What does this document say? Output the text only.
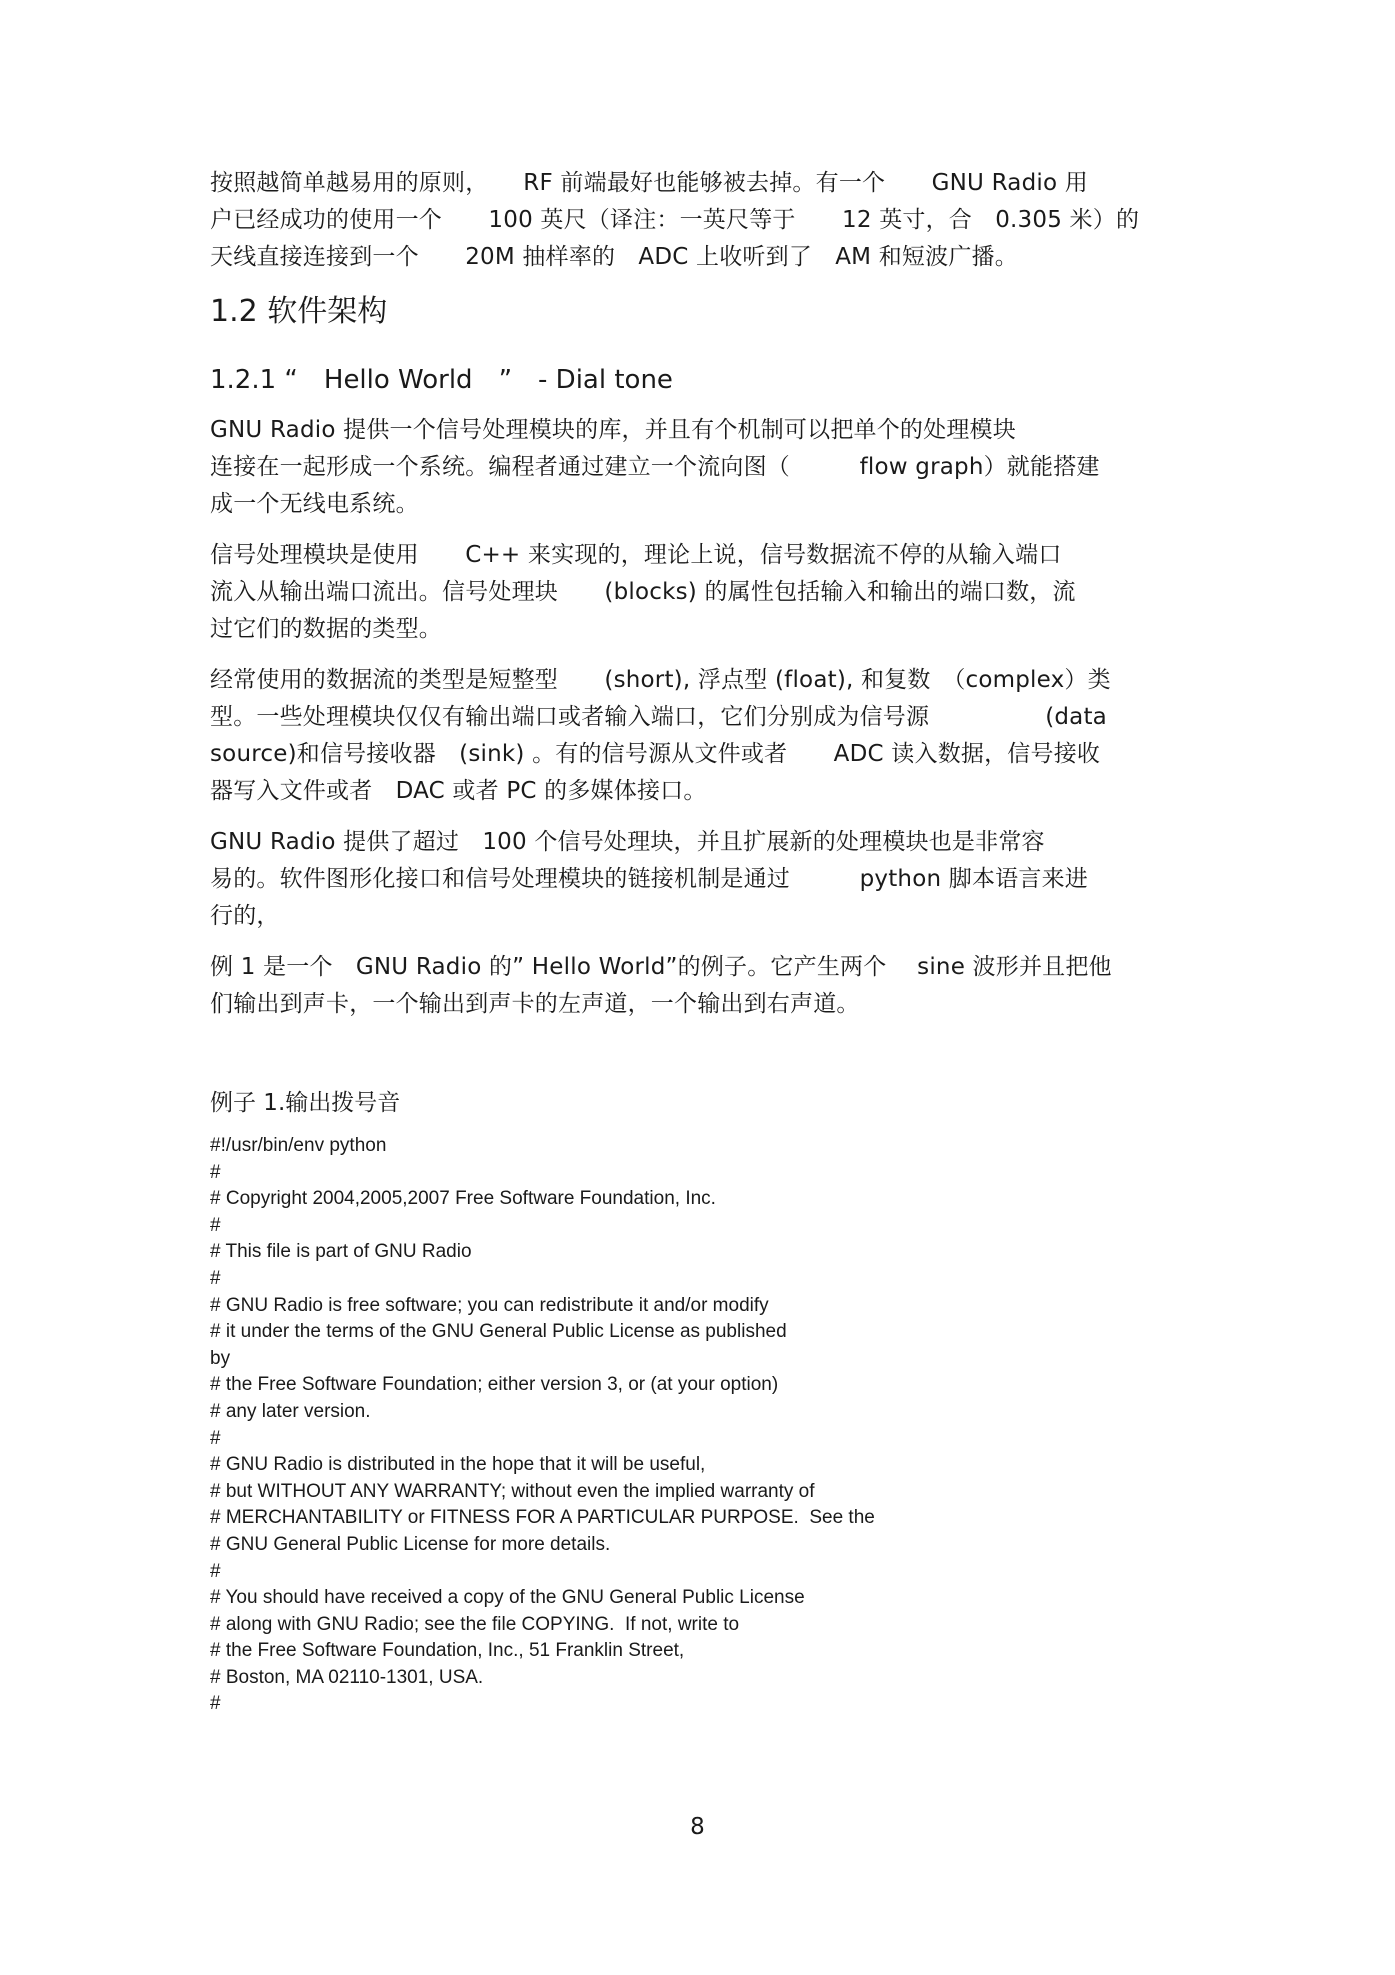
按照越简单越易用的原则，　　RF 前端最好也能够被去掉。有一个　　GNU Radio 用
户已经成功的使用一个　　100 英尺（译注：一英尺等于　　12 英寸，合　0.305 米）的
天线直接连接到一个　　20M 抽样率的　ADC 上收听到了　AM 和短波广播。

1.2 软件架构
1.2.1 “　Hello World　”　- Dial tone

GNU Radio 提供一个信号处理模块的库，并且有个机制可以把单个的处理模块
连接在一起形成一个系统。编程者通过建立一个流向图（　　　flow graph）就能搭建
成一个无线电系统。

信号处理模块是使用　　C++ 来实现的，理论上说，信号数据流不停的从输入端口
流入从输出端口流出。信号处理块　　(blocks) 的属性包括输入和输出的端口数，流
过它们的数据的类型。

经常使用的数据流的类型是短整型　　(short), 浮点型 (float), 和复数　（complex）类
型。一些处理模块仅仅有输出端口或者输入端口，它们分别成为信号源　　　　　(data
source)和信号接收器　(sink) 。有的信号源从文件或者　　ADC 读入数据，信号接收
器写入文件或者　DAC 或者 PC 的多媒体接口。

GNU Radio 提供了超过　100 个信号处理块，并且扩展新的处理模块也是非常容
易的。软件图形化接口和信号处理模块的链接机制是通过　　　python 脚本语言来进
行的，

例 1 是一个　GNU Radio 的” Hello World”的例子。它产生两个　 sine 波形并且把他
们输出到声卡，一个输出到声卡的左声道，一个输出到右声道。

例子 1.输出拨号音
#!/usr/bin/env python
#
# Copyright 2004,2005,2007 Free Software Foundation, Inc.
#
# This file is part of GNU Radio
#
# GNU Radio is free software; you can redistribute it and/or modify
# it under the terms of the GNU General Public License as published
by
# the Free Software Foundation; either version 3, or (at your option)
# any later version.
#
# GNU Radio is distributed in the hope that it will be useful,
# but WITHOUT ANY WARRANTY; without even the implied warranty of
# MERCHANTABILITY or FITNESS FOR A PARTICULAR PURPOSE.  See the
# GNU General Public License for more details.
#
# You should have received a copy of the GNU General Public License
# along with GNU Radio; see the file COPYING.  If not, write to
# the Free Software Foundation, Inc., 51 Franklin Street,
# Boston, MA 02110-1301, USA.
#
8
